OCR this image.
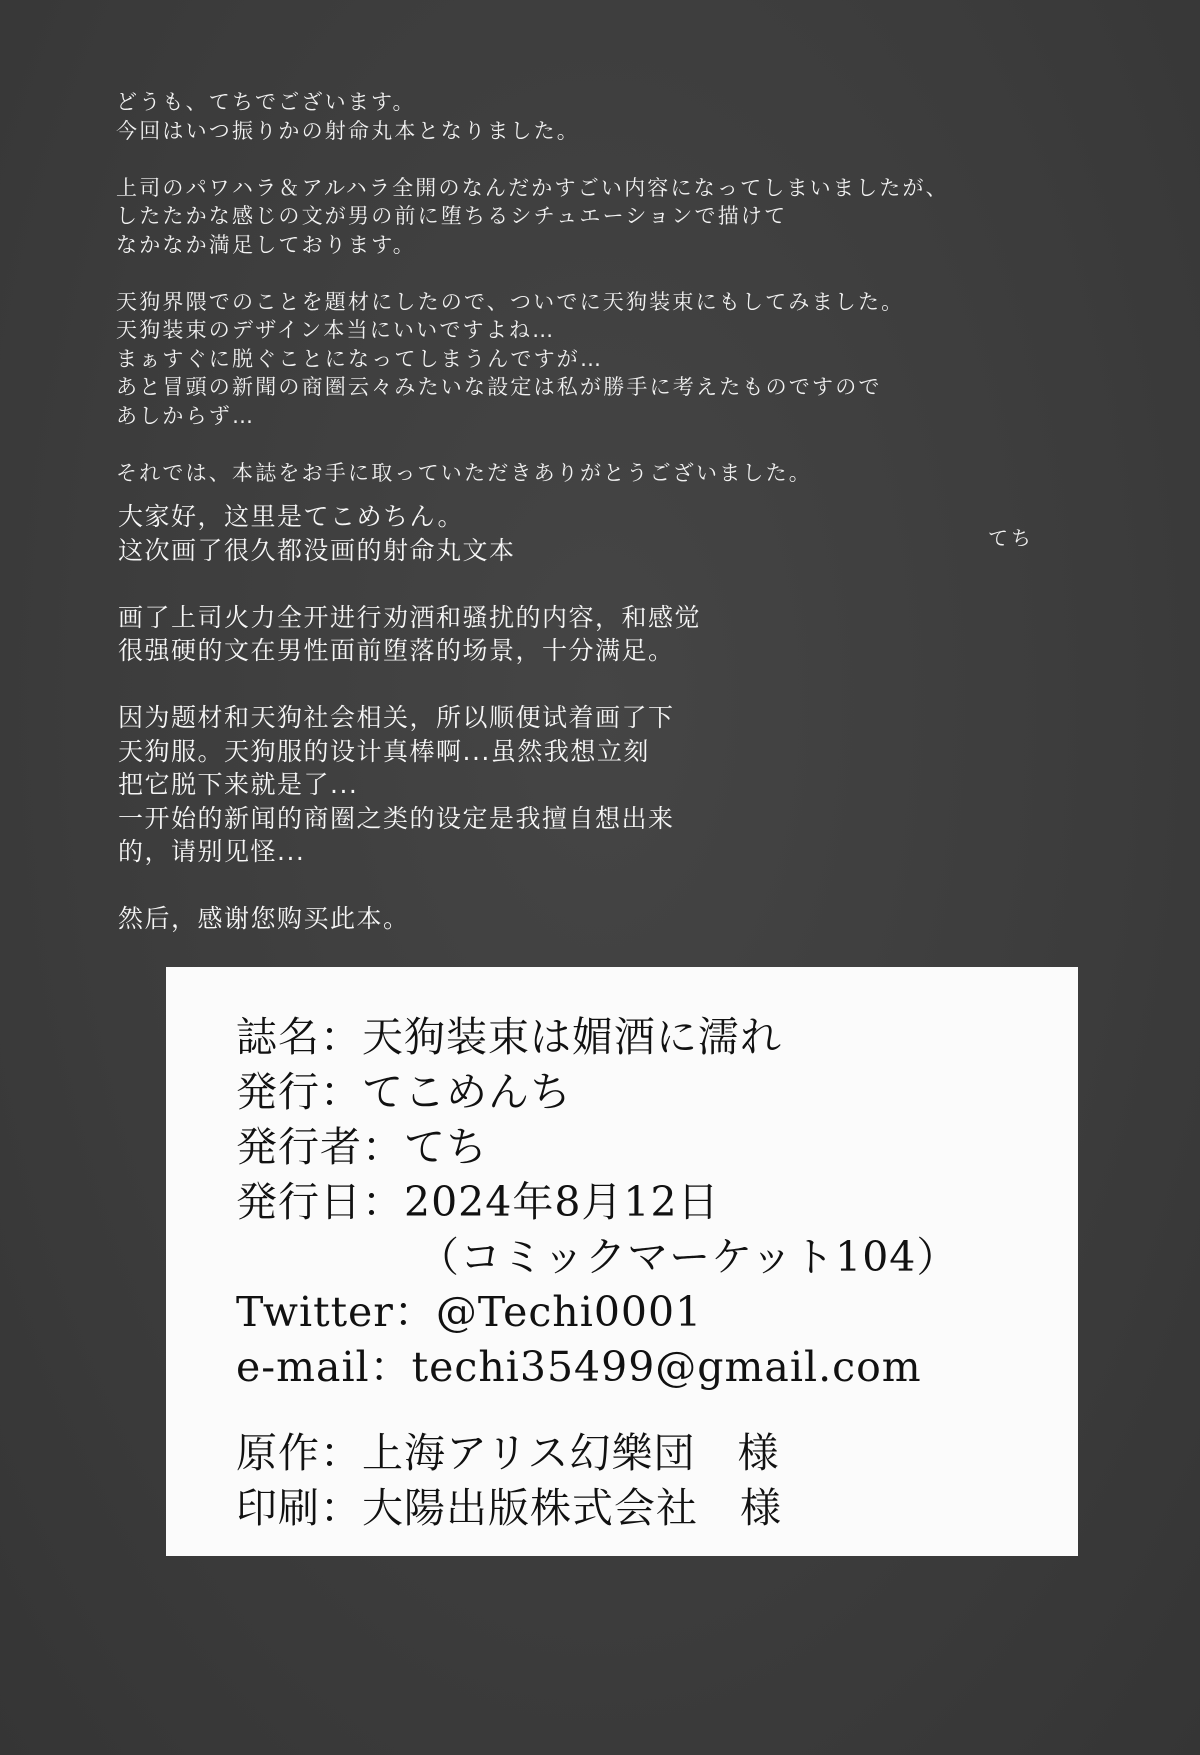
どうも、てちでございます。
今回はいつ振りかの射命丸本となりました。
上司のパワハラ＆アルハラ全開のなんだかすごい内容になってしまいましたが、
したたかな感じの文が男の前に堕ちるシチュエーションで描けて
なかなか満足しております。
天狗界隈でのことを題材にしたので、ついでに天狗装束にもしてみました。
天狗装束のデザイン本当にいいですよね…
まぁすぐに脱ぐことになってしまうんですが…
あと冒頭の新聞の商圏云々みたいな設定は私が勝手に考えたものですので
あしからず…
それでは、本誌をお手に取っていただきありがとうございました。
てち
大家好，这里是てこめちん。
这次画了很久都没画的射命丸文本
画了上司火力全开进行劝酒和骚扰的内容，和感觉
很强硬的文在男性面前堕落的场景，十分满足。
因为题材和天狗社会相关，所以顺便试着画了下
天狗服。天狗服的设计真棒啊...虽然我想立刻
把它脱下来就是了...
一开始的新闻的商圈之类的设定是我擅自想出来
的，请别见怪...
然后，感谢您购买此本。
誌名：天狗装束は媚酒に濡れ
発行：てこめんち
発行者：てち
発行日：2024年8月12日
（コミックマーケット104）
Twitter：@Techi0001
e-mail：techi35499@gmail.com
原作：上海アリス幻樂団　様
印刷：大陽出版株式会社　様
